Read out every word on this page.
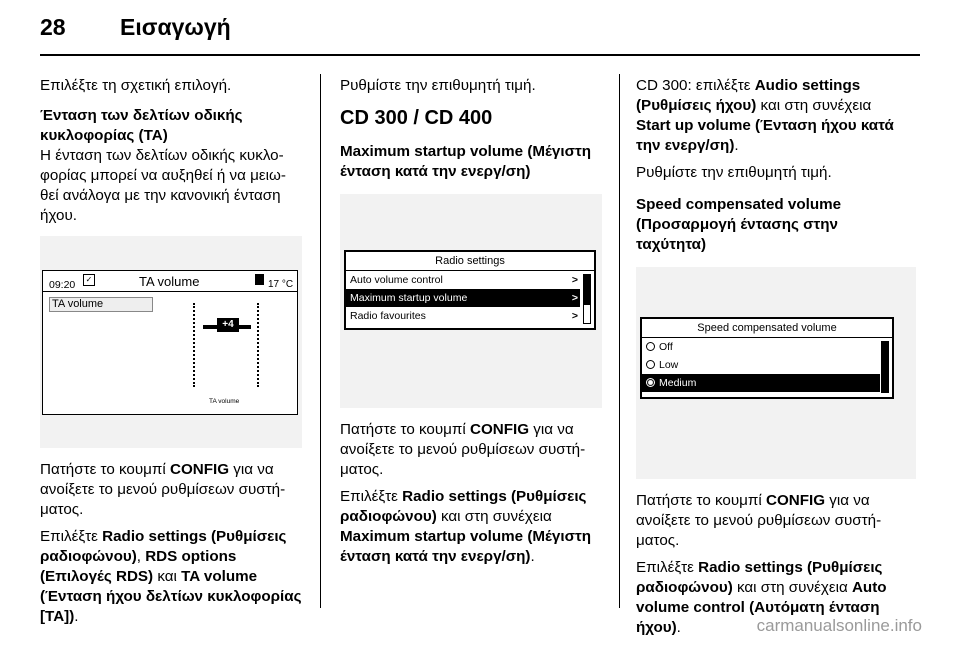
28 Εισαγωγή

Επιλέξτε τη σχετική επιλογή.

Ένταση των δελτίων οδικής
κυκλοφορίας (TA)
Η ένταση των δελτίων οδικής κυκλο-
φορίας μπορεί να αυξηθεί ή να μειω-
θεί ανάλογα με την κανονική ένταση
ήχου.
09:20	✓	TA volume	17 °C
TA volume
+4
TA volume

Πατήστε το κουμπί CONFIG για να
ανοίξετε το μενού ρυθμίσεων συστή-
ματος.

Επιλέξτε Radio settings (Ρυθμίσεις
ραδιοφώνου), RDS options
(Επιλογές RDS) και TA volume
(Ένταση ήχου δελτίων κυκλοφορίας
[TA]).

Ρυθμίστε την επιθυμητή τιμή.

CD 300 / CD 400
Maximum startup volume (Μέγιστη
ένταση κατά την ενεργ/ση)
Radio settings
Auto volume control	>
Maximum startup volume	>
Radio favourites	>

Πατήστε το κουμπί CONFIG για να
ανοίξετε το μενού ρυθμίσεων συστή-
ματος.

Επιλέξτε Radio settings (Ρυθμίσεις
ραδιοφώνου) και στη συνέχεια
Maximum startup volume (Μέγιστη
ένταση κατά την ενεργ/ση).

CD 300: επιλέξτε Audio settings
(Ρυθμίσεις ήχου) και στη συνέχεια
Start up volume (Ένταση ήχου κατά
την ενεργ/ση).

Ρυθμίστε την επιθυμητή τιμή.

Speed compensated volume
(Προσαρμογή έντασης στην
ταχύτητα)
Speed compensated volume
Off
Low
Medium

Πατήστε το κουμπί CONFIG για να
ανοίξετε το μενού ρυθμίσεων συστή-
ματος.

Επιλέξτε Radio settings (Ρυθμίσεις
ραδιοφώνου) και στη συνέχεια Auto
volume control (Αυτόματη ένταση
ήχου).	carmanualsonline.info
